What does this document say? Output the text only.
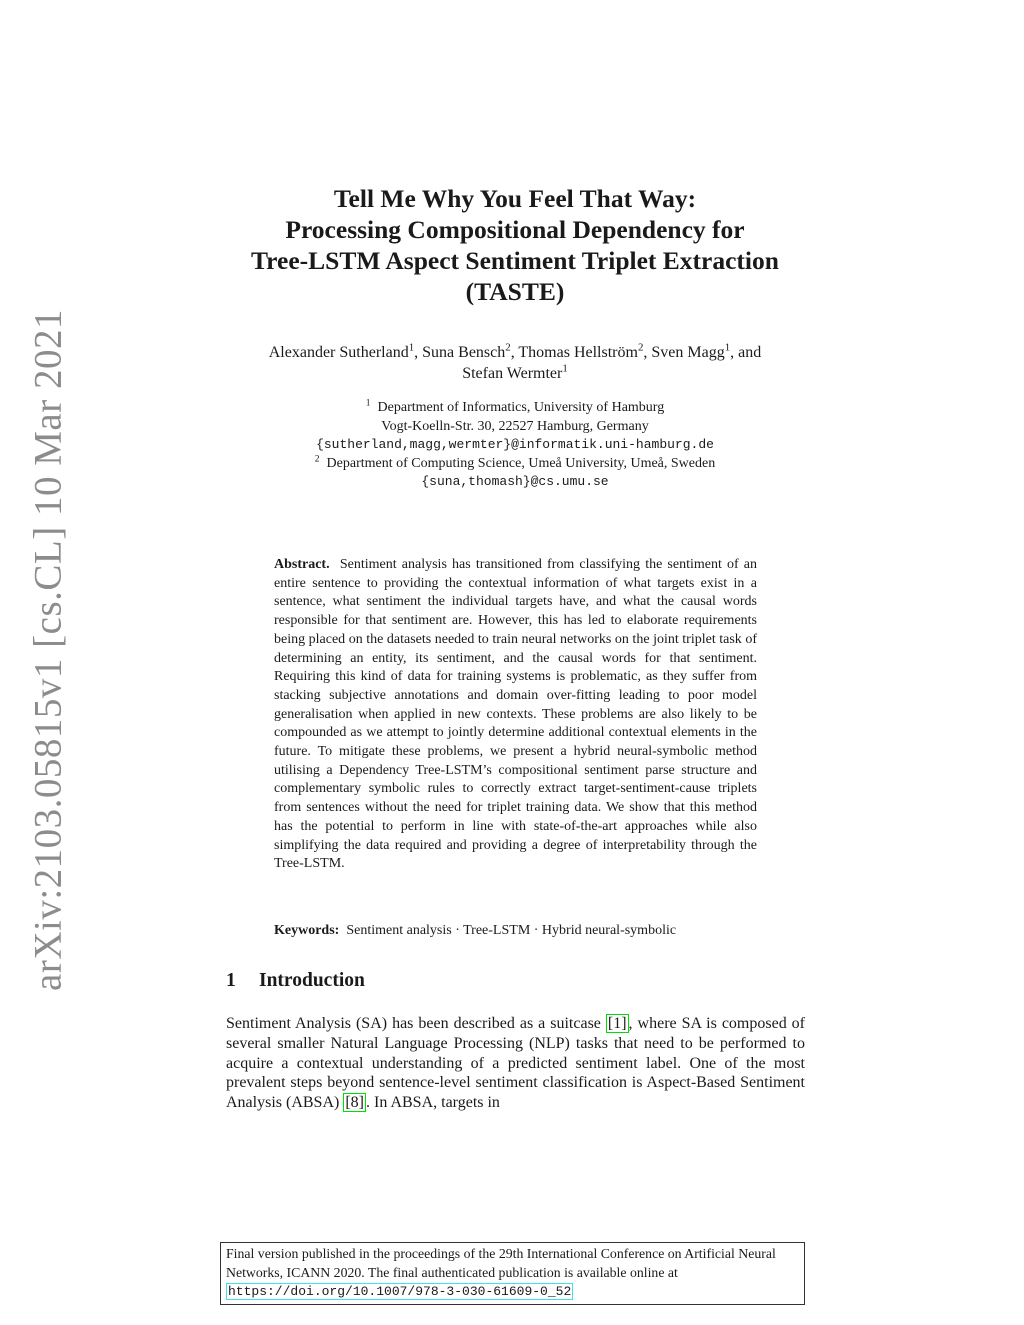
arXiv:2103.05815v1 [cs.CL] 10 Mar 2021
Tell Me Why You Feel That Way:
Processing Compositional Dependency for
Tree-LSTM Aspect Sentiment Triplet Extraction
(TASTE)
Alexander Sutherland$^1$, Suna Bensch$^2$, Thomas Hellström$^2$, Sven Magg$^1$, and
Stefan Wermter$^1$
$^1$ Department of Informatics, University of Hamburg
Vogt-Koelln-Str. 30, 22527 Hamburg, Germany
{sutherland,magg,wermter}@informatik.uni-hamburg.de
$^2$ Department of Computing Science, Umeå University, Umeå, Sweden
{suna,thomash}@cs.umu.se
Abstract. Sentiment analysis has transitioned from classifying the sentiment of an entire sentence to providing the contextual information of what targets exist in a sentence, what sentiment the individual targets have, and what the causal words responsible for that sentiment are. However, this has led to elaborate requirements being placed on the datasets needed to train neural networks on the joint triplet task of determining an entity, its sentiment, and the causal words for that sentiment. Requiring this kind of data for training systems is problematic, as they suffer from stacking subjective annotations and domain over-fitting leading to poor model generalisation when applied in new contexts. These problems are also likely to be compounded as we attempt to jointly determine additional contextual elements in the future. To mitigate these problems, we present a hybrid neural-symbolic method utilising a Dependency Tree-LSTM’s compositional sentiment parse structure and complementary symbolic rules to correctly extract target-sentiment-cause triplets from sentences without the need for triplet training data. We show that this method has the potential to perform in line with state-of-the-art approaches while also simplifying the data required and providing a degree of interpretability through the Tree-LSTM.
Keywords: Sentiment analysis · Tree-LSTM · Hybrid neural-symbolic
1 Introduction
Sentiment Analysis (SA) has been described as a suitcase [1] , where SA is composed of several smaller Natural Language Processing (NLP) tasks that need to be performed to acquire a contextual understanding of a predicted sentiment label. One of the most prevalent steps beyond sentence-level sentiment classification is Aspect-Based Sentiment Analysis (ABSA) [8] . In ABSA, targets in
Final version published in the proceedings of the 29th International Conference on Artificial Neural Networks, ICANN 2020. The final authenticated publication is available online at https://doi.org/10.1007/978-3-030-61609-0_52
